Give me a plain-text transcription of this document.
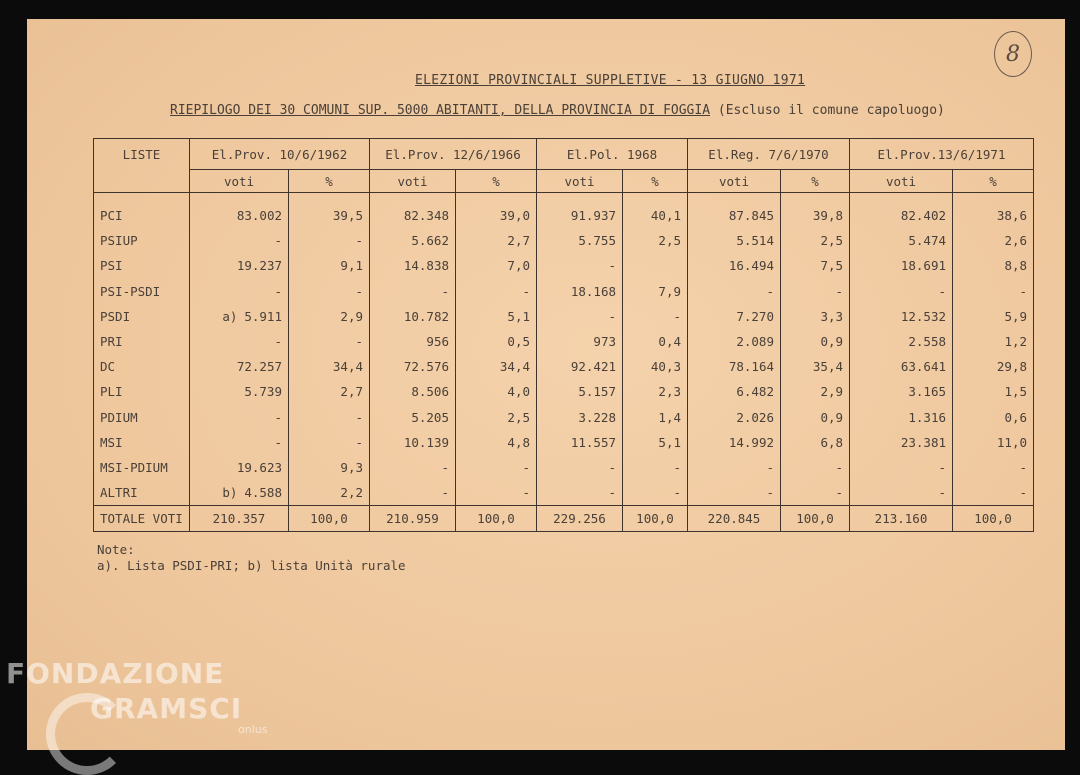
8
ELEZIONI PROVINCIALI SUPPLETIVE - 13 GIUGNO 1971
RIEPILOGO DEI 30 COMUNI SUP. 5000 ABITANTI, DELLA PROVINCIA DI FOGGIA (Escluso il comune capoluogo)
LISTE	El.Prov. 10/6/1962		El.Prov. 12/6/1966		El.Pol. 1968		El.Reg. 7/6/1970		El.Prov.13/6/1971	
	voti	%	voti	%	voti	%	voti	%	voti	%
PCI	83.002	39,5	82.348	39,0	91.937	40,1	87.845	39,8	82.402	38,6
PSIUP	-	-	5.662	2,7	5.755	2,5	5.514	2,5	5.474	2,6
PSI	19.237	9,1	14.838	7,0	-		16.494	7,5	18.691	8,8
PSI-PSDI	-	-	-	-	18.168	7,9	-	-	-	-
PSDI	a) 5.911	2,9	10.782	5,1	-	-	7.270	3,3	12.532	5,9
PRI	-	-	956	0,5	973	0,4	2.089	0,9	2.558	1,2
DC	72.257	34,4	72.576	34,4	92.421	40,3	78.164	35,4	63.641	29,8
PLI	5.739	2,7	8.506	4,0	5.157	2,3	6.482	2,9	3.165	1,5
PDIUM	-	-	5.205	2,5	3.228	1,4	2.026	0,9	1.316	0,6
MSI	-	-	10.139	4,8	11.557	5,1	14.992	6,8	23.381	11,0
MSI-PDIUM	19.623	9,3	-	-	-	-	-	-	-	-
ALTRI	b) 4.588	2,2	-	-	-	-	-	-	-	-
TOTALE VOTI	210.357	100,0	210.959	100,0	229.256	100,0	220.845	100,0	213.160	100,0
Note:
a). Lista PSDI-PRI; b) lista Unità rurale
FONDAZIONE
GRAMSCI
onlus
